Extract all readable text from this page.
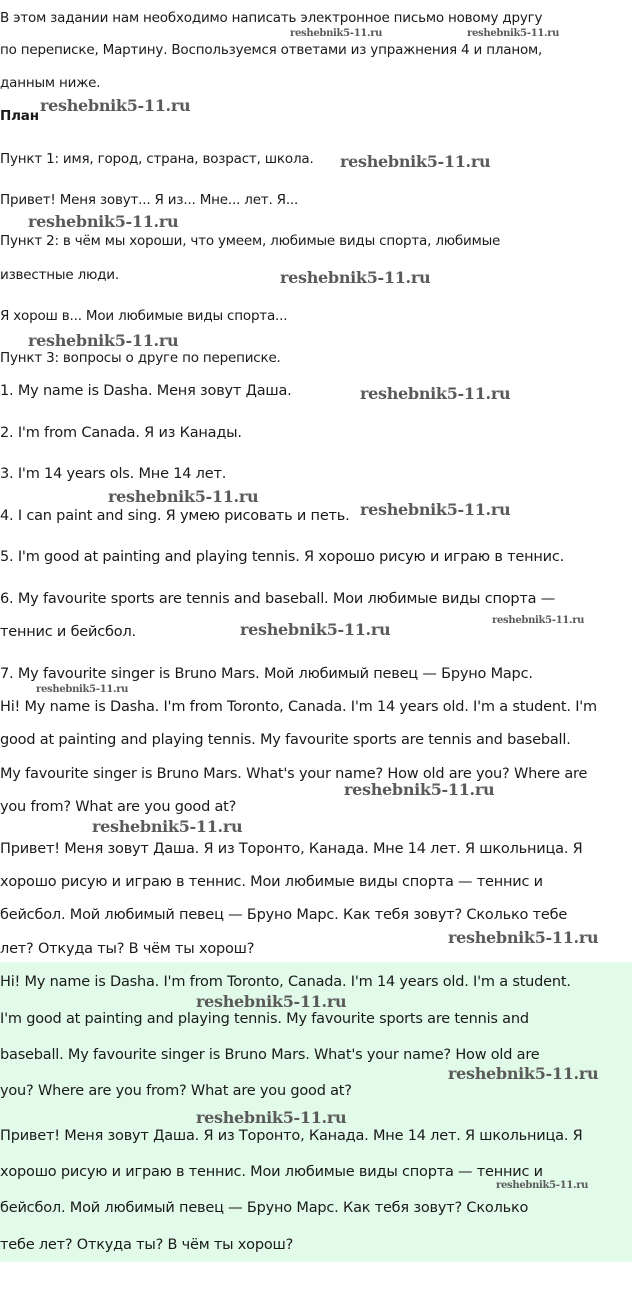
В этом задании нам необходимо написать электронное письмо новому другу
по переписке, Мартину. Воспользуемся ответами из упражнения 4 и планом,
данным ниже.
План
Пункт 1: имя, город, страна, возраст, школа.
Привет! Меня зовут... Я из... Мне... лет. Я...
Пункт 2: в чём мы хороши, что умеем, любимые виды спорта, любимые
известные люди.
Я хорош в... Мои любимые виды спорта...
Пункт 3: вопросы о друге по переписке.
1. My name is Dasha. Меня зовут Даша.
2. I'm from Canada. Я из Канады.
3. I'm 14 years ols. Мне 14 лет.
4. I can paint and sing. Я умею рисовать и петь.
5. I'm good at painting and playing tennis. Я хорошо рисую и играю в теннис.
6. My favourite sports are tennis and baseball. Мои любимые виды спорта —
теннис и бейсбол.
7. My favourite singer is Bruno Mars. Мой любимый певец — Бруно Марс.
Hi! My name is Dasha. I'm from Toronto, Canada. I'm 14 years old. I'm a student. I'm
good at painting and playing tennis. My favourite sports are tennis and baseball.
My favourite singer is Bruno Mars. What's your name? How old are you? Where are
you from? What are you good at?
Привет! Меня зовут Даша. Я из Торонто, Канада. Мне 14 лет. Я школьница. Я
хорошо рисую и играю в теннис. Мои любимые виды спорта — теннис и
бейсбол. Мой любимый певец — Бруно Марс. Как тебя зовут? Сколько тебе
лет? Откуда ты? В чём ты хорош?
Hi! My name is Dasha. I'm from Toronto, Canada. I'm 14 years old. I'm a student.
I'm good at painting and playing tennis. My favourite sports are tennis and
baseball. My favourite singer is Bruno Mars. What's your name? How old are
you? Where are you from? What are you good at?
Привет! Меня зовут Даша. Я из Торонто, Канада. Мне 14 лет. Я школьница. Я
хорошо рисую и играю в теннис. Мои любимые виды спорта — теннис и
бейсбол. Мой любимый певец — Бруно Марс. Как тебя зовут? Сколько
тебе лет? Откуда ты? В чём ты хорош?
reshebnik5-11.ru	reshebnik5-11.ru
reshebnik5-11.ru
reshebnik5-11.ru
reshebnik5-11.ru
reshebnik5-11.ru
reshebnik5-11.ru
reshebnik5-11.ru
reshebnik5-11.ru
reshebnik5-11.ru
reshebnik5-11.ru	reshebnik5-11.ru
reshebnik5-11.ru
reshebnik5-11.ru
reshebnik5-11.ru
reshebnik5-11.ru
reshebnik5-11.ru
reshebnik5-11.ru
reshebnik5-11.ru
reshebnik5-11.ru
